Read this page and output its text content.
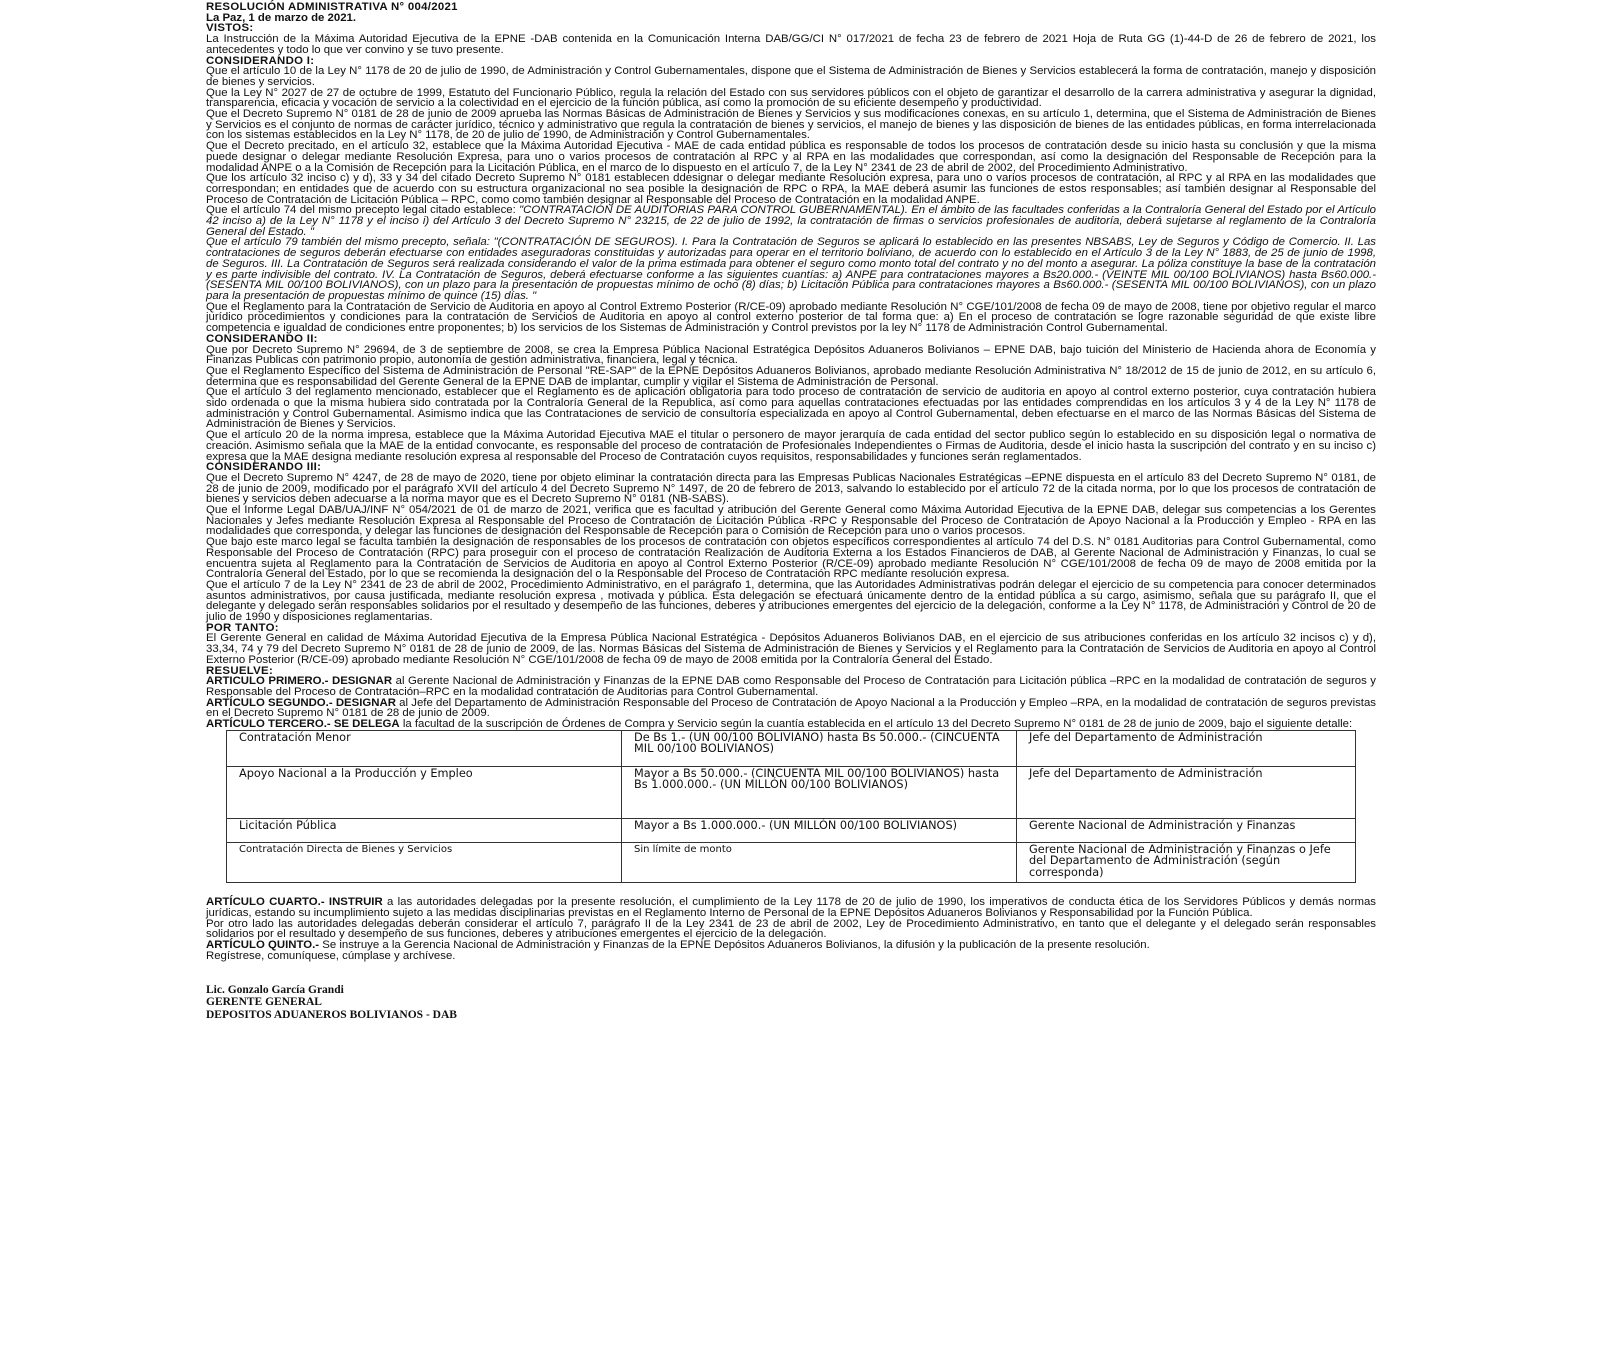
RESOLUCIÓN ADMINISTRATIVA N° 004/2021

La Paz, 1 de marzo de 2021.

VISTOS:

La Instrucción de la Máxima Autoridad Ejecutiva de la EPNE -DAB contenida en la Comunicación Interna DAB/GG/CI N° 017/2021 de fecha 23 de febrero de 2021 Hoja de Ruta GG (1)-44-D de 26 de febrero de 2021, los antecedentes y todo lo que ver convino y se tuvo presente.

CONSIDERANDO I:

Que el artículo 10 de la Ley N° 1178 de 20 de julio de 1990, de Administración y Control Gubernamentales, dispone que el Sistema de Administración de Bienes y Servicios establecerá la forma de contratación, manejo y disposición de bienes y servicios.

Que la Ley N° 2027 de 27 de octubre de 1999, Estatuto del Funcionario Público, regula la relación del Estado con sus servidores públicos con el objeto de garantizar el desarrollo de la carrera administrativa y asegurar la dignidad, transparencia, eficacia y vocación de servicio a la colectividad en el ejercicio de la función pública, así como la promoción de su eficiente desempeño y productividad.

Que el Decreto Supremo N° 0181 de 28 de junio de 2009 aprueba las Normas Básicas de Administración de Bienes y Servicios y sus modificaciones conexas, en su artículo 1, determina, que el Sistema de Administración de Bienes y Servicios es el conjunto de normas de carácter jurídico, técnico y administrativo que regula la contratación de bienes y servicios, el manejo de bienes y las disposición de bienes de las entidades públicas, en forma interrelacionada con los sistemas establecidos en la Ley N° 1178, de 20 de julio de 1990, de Administración y Control Gubernamentales.

Que el Decreto precitado, en el artículo 32, establece que la Máxima Autoridad Ejecutiva - MAE de cada entidad pública es responsable de todos los procesos de contratación desde su inicio hasta su conclusión y que la misma puede designar o delegar mediante Resolución Expresa, para uno o varios procesos de contratación al RPC y al RPA en las modalidades que correspondan, así como la designación del Responsable de Recepción para la modalidad ANPE o a la Comisión de Recepción para la Licitación Pública, en el marco de lo dispuesto en el artículo 7, de la Ley N° 2341 de 23 de abril de 2002, del Procedimiento Administrativo.

Que los artículo 32 inciso c) y d), 33 y 34 del citado Decreto Supremo N° 0181 establecen ddesignar o delegar mediante Resolución expresa, para uno o varios procesos de contratación, al RPC y al RPA en las modalidades que correspondan; en entidades que de acuerdo con su estructura organizacional no sea posible la designación de RPC o RPA, la MAE deberá asumir las funciones de estos responsables; así también designar al Responsable del Proceso de Contratación de Licitación Pública – RPC, como como también designar al Responsable del Proceso de Contratación en la modalidad ANPE.

Que el artículo 74 del mismo precepto legal citado establece: "CONTRATACIÓN DE AUDITORIAS PARA CONTROL GUBERNAMENTAL). En el ámbito de las facultades conferidas a la Contraloría General del Estado por el Artículo 42 inciso a) de la Ley N° 1178 y el inciso i) del Artículo 3 del Decreto Supremo N° 23215, de 22 de julio de 1992, la contratación de firmas o servicios profesionales de auditoría, deberá sujetarse al reglamento de la Contraloría General del Estado. "

Que el artículo 79 también del mismo precepto, señala: "(CONTRATACIÓN DE SEGUROS). I. Para la Contratación de Seguros se aplicará lo establecido en las presentes NBSABS, Ley de Seguros y Código de Comercio. II. Las contrataciones de seguros deberán efectuarse con entidades aseguradoras constituidas y autorizadas para operar en el territorio boliviano, de acuerdo con lo establecido en el Artículo 3 de la Ley N° 1883, de 25 de junio de 1998, de Seguros. III. La Contratación de Seguros será realizada considerando el valor de la prima estimada para obtener el seguro como monto total del contrato y no del monto a asegurar. La póliza constituye la base de la contratación y es parte indivisible del contrato. IV. La Contratación de Seguros, deberá efectuarse conforme a las siguientes cuantías: a) ANPE para contrataciones mayores a Bs20.000.- (VEINTE MIL 00/100 BOLIVIANOS) hasta Bs60.000.- (SESENTA MIL 00/100 BOLIVIANOS), con un plazo para la presentación de propuestas mínimo de ocho (8) días; b) Licitación Pública para contrataciones mayores a Bs60.000.- (SESENTA MIL 00/100 BOLIVIANOS), con un plazo para la presentación de propuestas mínimo de quince (15) días. "

Que el Reglamento para la Contratación de Servicio de Auditoria en apoyo al Control Extremo Posterior (R/CE-09) aprobado mediante Resolución N° CGE/101/2008 de fecha 09 de mayo de 2008, tiene por objetivo regular el marco jurídico procedimientos y condiciones para la contratación de Servicios de Auditoria en apoyo al control externo posterior de tal forma que: a) En el proceso de contratación se logre razonable seguridad de que existe libre competencia e igualdad de condiciones entre proponentes; b) los servicios de los Sistemas de Administración y Control previstos por la ley N° 1178 de Administración Control Gubernamental.

CONSIDERANDO II:

Que por Decreto Supremo N° 29694, de 3 de septiembre de 2008, se crea la Empresa Pública Nacional Estratégica Depósitos Aduaneros Bolivianos – EPNE DAB, bajo tuición del Ministerio de Hacienda ahora de Economía y Finanzas Publicas con patrimonio propio, autonomía de gestión administrativa, financiera, legal y técnica.

Que el Reglamento Específico del Sistema de Administración de Personal "RE-SAP" de la EPNE Depósitos Aduaneros Bolivianos, aprobado mediante Resolución Administrativa N° 18/2012 de 15 de junio de 2012, en su artículo 6, determina que es responsabilidad del Gerente General de la EPNE DAB de implantar, cumplir y vigilar el Sistema de Administración de Personal.

Que el artículo 3 del reglamento mencionado, establecer que el Reglamento es de aplicación obligatoria para todo proceso de contratación de servicio de auditoria en apoyo al control externo posterior, cuya contratación hubiera sido ordenada o que la misma hubiera sido contratada por la Contraloría General de la Republica, así como para aquellas contrataciones efectuadas por las entidades comprendidas en los artículos 3 y 4 de la Ley N° 1178 de administración y Control Gubernamental. Asimismo indica que las Contrataciones de servicio de consultoría especializada en apoyo al Control Gubernamental, deben efectuarse en el marco de las Normas Básicas del Sistema de Administración de Bienes y Servicios.

Que el artículo 20 de la norma impresa, establece que la Máxima Autoridad Ejecutiva MAE el titular o personero de mayor jerarquía de cada entidad del sector publico según lo establecido en su disposición legal o normativa de creación. Asimismo señala que la MAE de la entidad convocante, es responsable del proceso de contratación de Profesionales Independientes o Firmas de Auditoria, desde el inicio hasta la suscripción del contrato y en su inciso c) expresa que la MAE designa mediante resolución expresa al responsable del Proceso de Contratación cuyos requisitos, responsabilidades y funciones serán reglamentados.

CONSIDERANDO III:

Que el Decreto Supremo N° 4247, de 28 de mayo de 2020, tiene por objeto eliminar la contratación directa para las Empresas Publicas Nacionales Estratégicas –EPNE dispuesta en el artículo 83 del Decreto Supremo N° 0181, de 28 de junio de 2009, modificado por el parágrafo XVII del artículo 4 del Decreto Supremo N° 1497, de 20 de febrero de 2013, salvando lo establecido por el artículo 72 de la citada norma, por lo que los procesos de contratación de bienes y servicios deben adecuarse a la norma mayor que es el Decreto Supremo N° 0181 (NB-SABS).

Que el Informe Legal DAB/UAJ/INF N° 054/2021 de 01 de marzo de 2021, verifica que es facultad y atribución del Gerente General como Máxima Autoridad Ejecutiva de la EPNE DAB, delegar sus competencias a los Gerentes Nacionales y Jefes mediante Resolución Expresa al Responsable del Proceso de Contratación de Licitación Pública -RPC y Responsable del Proceso de Contratación de Apoyo Nacional a la Producción y Empleo - RPA en las modalidades que corresponda, y delegar las funciones de designación del Responsable de Recepción para o Comisión de Recepción para uno o varios procesos.

Que bajo este marco legal se faculta también la designación de responsables de los procesos de contratación con objetos específicos correspondientes al artículo 74 del D.S. N° 0181 Auditorias para Control Gubernamental, como Responsable del Proceso de Contratación (RPC) para proseguir con el proceso de contratación Realización de Auditoria Externa a los Estados Financieros de DAB, al Gerente Nacional de Administración y Finanzas, lo cual se encuentra sujeta al Reglamento para la Contratación de Servicios de Auditoria en apoyo al Control Externo Posterior (R/CE-09) aprobado mediante Resolución N° CGE/101/2008 de fecha 09 de mayo de 2008 emitida por la Contraloría General del Estado, por lo que se recomienda la designación del o la Responsable del Proceso de Contratación RPC mediante resolución expresa.

Que el artículo 7 de la Ley N° 2341 de 23 de abril de 2002, Procedimiento Administrativo, en el parágrafo 1, determina, que las Autoridades Administrativas podrán delegar el ejercicio de su competencia para conocer determinados asuntos administrativos, por causa justificada, mediante resolución expresa , motivada y pública. Esta delegación se efectuará únicamente dentro de la entidad pública a su cargo, asimismo, señala que su parágrafo II, que el delegante y delegado serán responsables solidarios por el resultado y desempeño de las funciones, deberes y atribuciones emergentes del ejercicio de la delegación, conforme a la Ley N° 1178, de Administración y Control de 20 de julio de 1990 y disposiciones reglamentarias.

POR TANTO:

El Gerente General en calidad de Máxima Autoridad Ejecutiva de la Empresa Pública Nacional Estratégica - Depósitos Aduaneros Bolivianos DAB, en el ejercicio de sus atribuciones conferidas en los artículo 32 incisos c) y d), 33,34, 74 y 79 del Decreto Supremo N° 0181 de 28 de junio de 2009, de las. Normas Básicas del Sistema de Administración de Bienes y Servicios y el Reglamento para la Contratación de Servicios de Auditoria en apoyo al Control Externo Posterior (R/CE-09) aprobado mediante Resolución N° CGE/101/2008 de fecha 09 de mayo de 2008 emitida por la Contraloría General del Estado.

RESUELVE:

ARTICULO PRIMERO.- DESIGNAR al Gerente Nacional de Administración y Finanzas de la EPNE DAB como Responsable del Proceso de Contratación para Licitación pública –RPC en la modalidad de contratación de seguros y Responsable del Proceso de Contratación–RPC en la modalidad contratación de Auditorias para Control Gubernamental.

ARTÍCULO SEGUNDO.- DESIGNAR al Jefe del Departamento de Administración Responsable del Proceso de Contratación de Apoyo Nacional a la Producción y Empleo –RPA, en la modalidad de contratación de seguros previstas en el Decreto Supremo N° 0181 de 28 de junio de 2009.

ARTÍCULO TERCERO.- SE DELEGA la facultad de la suscripción de Órdenes de Compra y Servicio según la cuantía establecida en el artículo 13 del Decreto Supremo N° 0181 de 28 de junio de 2009, bajo el siguiente detalle:

Contratación Menor	De Bs 1.- (UN 00/100 BOLIVIANO) hasta Bs 50.000.- (CINCUENTA MIL 00/100 BOLIVIANOS)	Jefe del Departamento de Administración
Apoyo Nacional a la Producción y Empleo	Mayor a Bs 50.000.- (CINCUENTA MIL 00/100 BOLIVIANOS) hasta Bs 1.000.000.- (UN MILLÓN 00/100 BOLIVIANOS)	Jefe del Departamento de Administración
Licitación Pública	Mayor a Bs 1.000.000.- (UN MILLÓN 00/100 BOLIVIANOS)	Gerente Nacional de Administración y Finanzas
Contratación Directa de Bienes y Servicios	Sin límite de monto	Gerente Nacional de Administración y Finanzas o Jefe del Departamento de Administración (según corresponda)

ARTÍCULO CUARTO.- INSTRUIR a las autoridades delegadas por la presente resolución, el cumplimiento de la Ley 1178 de 20 de julio de 1990, los imperativos de conducta ética de los Servidores Públicos y demás normas jurídicas, estando su incumplimiento sujeto a las medidas disciplinarias previstas en el Reglamento Interno de Personal de la EPNE Depósitos Aduaneros Bolivianos y Responsabilidad por la Función Pública.

Por otro lado las autoridades delegadas deberán considerar el artículo 7, parágrafo II de la Ley 2341 de 23 de abril de 2002, Ley de Procedimiento Administrativo, en tanto que el delegante y el delegado serán responsables solidarios por el resultado y desempeño de sus funciones, deberes y atribuciones emergentes el ejercicio de la delegación.

ARTÍCULO QUINTO.- Se instruye a la Gerencia Nacional de Administración y Finanzas de la EPNE Depósitos Aduaneros Bolivianos, la difusión y la publicación de la presente resolución.

Regístrese, comuníquese, cúmplase y archívese.

Lic. Gonzalo García Grandi
GERENTE GENERAL
DEPOSITOS ADUANEROS BOLIVIANOS - DAB
